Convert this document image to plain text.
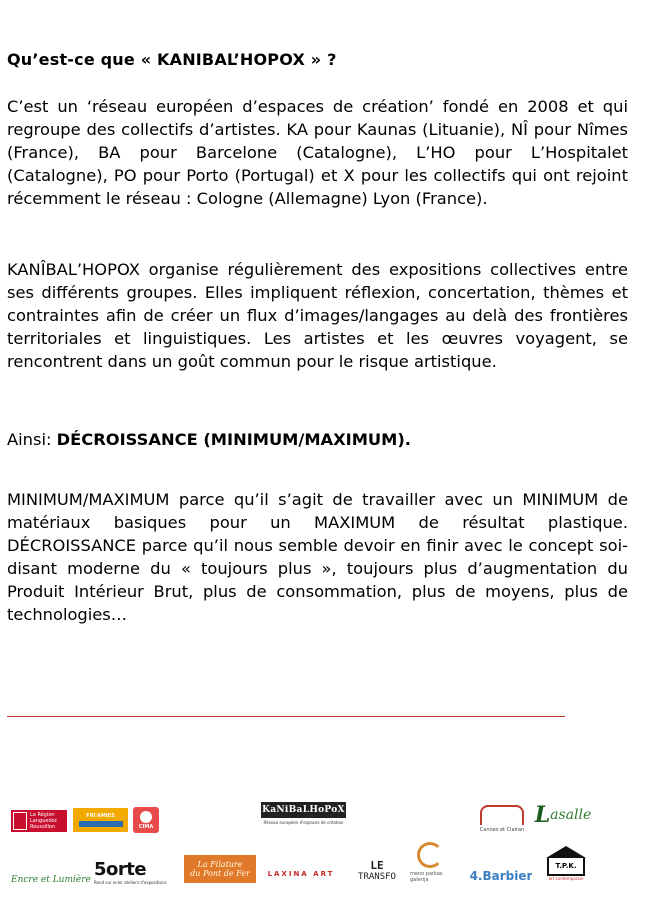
Qu’est-ce que « KANIBAL’HOPOX » ?
C’est un ‘réseau européen d’espaces de création’ fondé en 2008 et qui regroupe des collectifs d’artistes. KA pour Kaunas (Lituanie), NÎ pour Nîmes (France), BA pour Barcelone (Catalogne), L’HO pour L’Hospitalet (Catalogne), PO pour Porto (Portugal) et X pour les collectifs qui ont rejoint récemment le réseau : Cologne (Allemagne) Lyon (France).
KANÎBAL’HOPOX organise régulièrement des expositions collectives entre ses différents groupes. Elles impliquent réflexion, concertation, thèmes et contraintes afin de créer un flux d’images/langages au delà des frontières territoriales et linguistiques. Les artistes et les œuvres voyagent, se rencontrent dans un goût commun pour le risque artistique.
Ainsi: DÉCROISSANCE (MINIMUM/MAXIMUM).
MINIMUM/MAXIMUM parce qu’il s’agit de travailler avec un MINIMUM de matériaux basiques pour un MAXIMUM de résultat plastique. DÉCROISSANCE parce qu’il nous semble devoir en finir avec le concept soi-disant moderne du « toujours plus », toujours plus d’augmentation du Produit Intérieur Brut, plus de consommation, plus de moyens, plus de technologies…
La Région
Languedoc
Roussillon
FRI'AMIES
CIMA
KaNiBaLHoPoX
Réseau européen d'espaces de création
Cannes et Clairan
L asalle
Encre et Lumière 5orte
Rond sur ecler ateliers d'expositions
La Filature
du Pont de Fer	LAXINA ART
LE
TRANSFO	meno parkas galerija	4.Barbier
T.P.K.
art contemporain
